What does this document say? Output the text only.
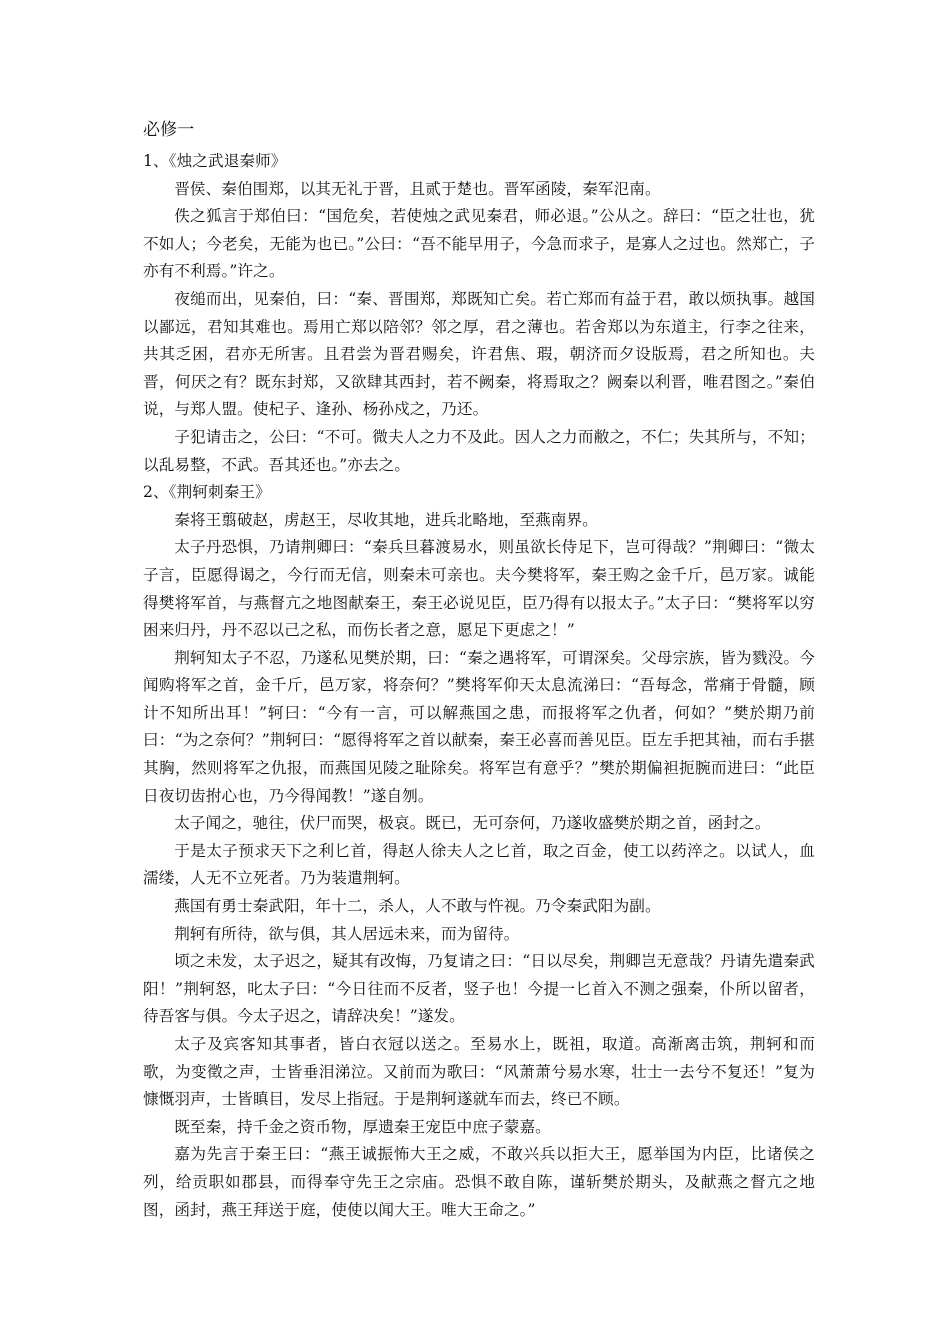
必修一
1、《烛之武退秦师》

晋侯、秦伯围郑，以其无礼于晋，且贰于楚也。晋军函陵，秦军氾南。

佚之狐言于郑伯曰：“国危矣，若使烛之武见秦君，师必退。”公从之。辞曰：“臣之壮也，犹不如人；今老矣，无能为也已。”公曰：“吾不能早用子，今急而求子，是寡人之过也。然郑亡，子亦有不利焉。”许之。

夜缒而出，见秦伯，曰：“秦、晋围郑，郑既知亡矣。若亡郑而有益于君，敢以烦执事。越国以鄙远，君知其难也。焉用亡郑以陪邻？邻之厚，君之薄也。若舍郑以为东道主，行李之往来，共其乏困，君亦无所害。且君尝为晋君赐矣，许君焦、瑕，朝济而夕设版焉，君之所知也。夫晋，何厌之有？既东封郑，又欲肆其西封，若不阙秦，将焉取之？阙秦以利晋，唯君图之。”秦伯说，与郑人盟。使杞子、逢孙、杨孙戍之，乃还。

子犯请击之，公曰：“不可。微夫人之力不及此。因人之力而敝之，不仁；失其所与，不知；以乱易整，不武。吾其还也。”亦去之。

2、《荆轲刺秦王》

秦将王翦破赵，虏赵王，尽收其地，进兵北略地，至燕南界。

太子丹恐惧，乃请荆卿曰：“秦兵旦暮渡易水，则虽欲长侍足下，岂可得哉？”荆卿曰：“微太子言，臣愿得谒之，今行而无信，则秦未可亲也。夫今樊将军，秦王购之金千斤，邑万家。诚能得樊将军首，与燕督亢之地图献秦王，秦王必说见臣，臣乃得有以报太子。”太子曰：“樊将军以穷困来归丹，丹不忍以己之私，而伤长者之意，愿足下更虑之！”

荆轲知太子不忍，乃遂私见樊於期，曰：“秦之遇将军，可谓深矣。父母宗族，皆为戮没。今闻购将军之首，金千斤，邑万家，将奈何？”樊将军仰天太息流涕曰：“吾每念，常痛于骨髓，顾计不知所出耳！”轲曰：“今有一言，可以解燕国之患，而报将军之仇者，何如？”樊於期乃前曰：“为之奈何？”荆轲曰：“愿得将军之首以献秦，秦王必喜而善见臣。臣左手把其袖，而右手揕其胸，然则将军之仇报，而燕国见陵之耻除矣。将军岂有意乎？”樊於期偏袒扼腕而进曰：“此臣日夜切齿拊心也，乃今得闻教！”遂自刎。

太子闻之，驰往，伏尸而哭，极哀。既已，无可奈何，乃遂收盛樊於期之首，函封之。

于是太子预求天下之利匕首，得赵人徐夫人之匕首，取之百金，使工以药淬之。以试人，血濡缕，人无不立死者。乃为装遣荆轲。

燕国有勇士秦武阳，年十二，杀人，人不敢与忤视。乃令秦武阳为副。

荆轲有所待，欲与俱，其人居远未来，而为留待。

顷之未发，太子迟之，疑其有改悔，乃复请之曰：“日以尽矣，荆卿岂无意哉？丹请先遣秦武阳！”荆轲怒，叱太子曰：“今日往而不反者，竖子也！今提一匕首入不测之强秦，仆所以留者，待吾客与俱。今太子迟之，请辞决矣！”遂发。

太子及宾客知其事者，皆白衣冠以送之。至易水上，既祖，取道。高渐离击筑，荆轲和而歌，为变徵之声，士皆垂泪涕泣。又前而为歌曰：“风萧萧兮易水寒，壮士一去兮不复还！”复为慷慨羽声，士皆瞋目，发尽上指冠。于是荆轲遂就车而去，终已不顾。

既至秦，持千金之资币物，厚遗秦王宠臣中庶子蒙嘉。

嘉为先言于秦王曰：“燕王诚振怖大王之威，不敢兴兵以拒大王，愿举国为内臣，比诸侯之列，给贡职如郡县，而得奉守先王之宗庙。恐惧不敢自陈，谨斩樊於期头，及献燕之督亢之地图，函封，燕王拜送于庭，使使以闻大王。唯大王命之。”
